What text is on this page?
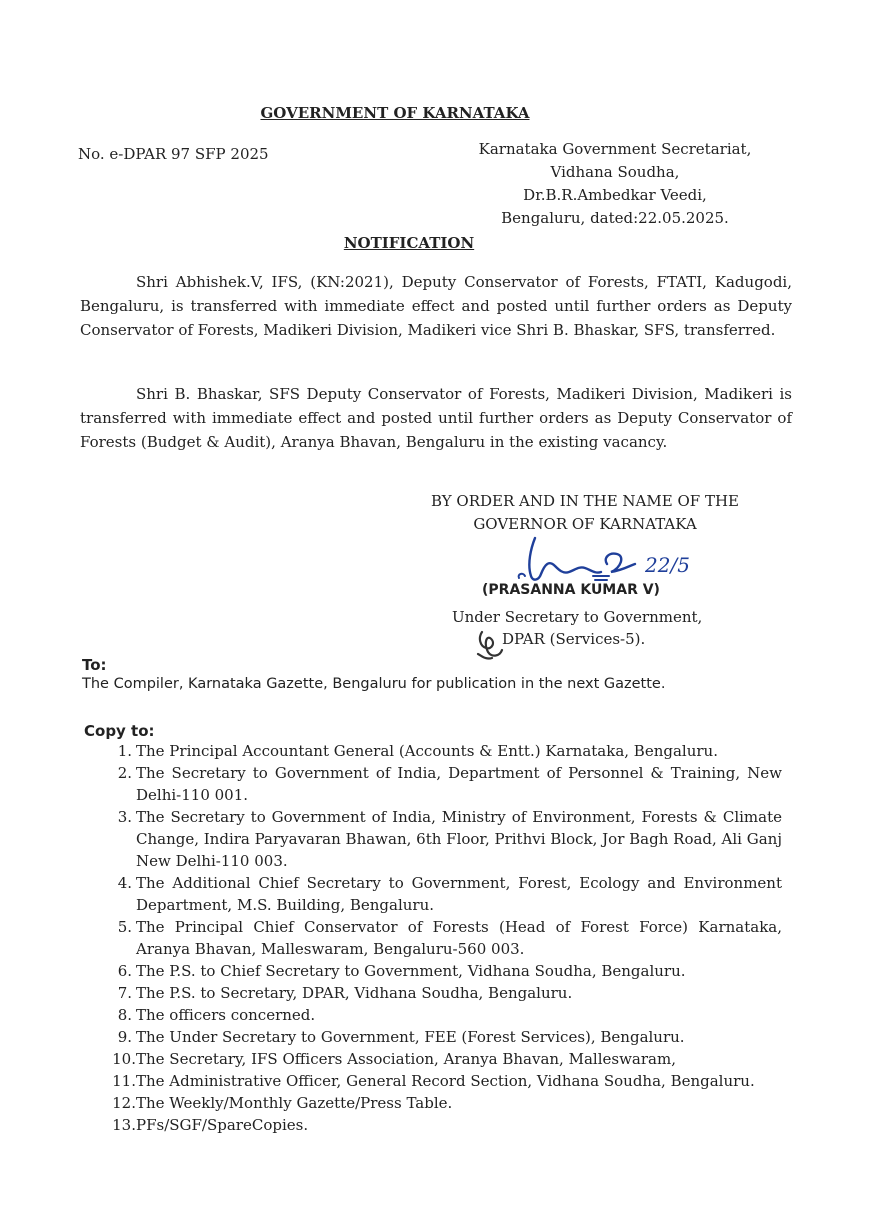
GOVERNMENT OF KARNATAKA
No. e-DPAR 97 SFP 2025	Karnataka Government Secretariat,
Vidhana Soudha,
Dr.B.R.Ambedkar Veedi,
Bengaluru, dated:22.05.2025.
NOTIFICATION
Shri Abhishek.V, IFS, (KN:2021), Deputy Conservator of Forests, FTATI, Kadugodi, Bengaluru, is transferred with immediate effect and posted until further orders as Deputy Conservator of Forests, Madikeri Division, Madikeri vice Shri B. Bhaskar, SFS, transferred.
Shri B. Bhaskar, SFS Deputy Conservator of Forests, Madikeri Division, Madikeri is transferred with immediate effect and posted until further orders as Deputy Conservator of Forests (Budget & Audit), Aranya Bhavan, Bengaluru in the existing vacancy.
BY ORDER AND IN THE NAME OF THE
GOVERNOR OF KARNATAKA
22/5
(PRASANNA KUMAR V)
Under Secretary to Government,
DPAR (Services-5).
To:
The Compiler, Karnataka Gazette, Bengaluru for publication in the next Gazette.
Copy to:
1. The Principal Accountant General (Accounts & Entt.) Karnataka, Bengaluru.
2. The Secretary to Government of India, Department of Personnel & Training, New Delhi-110 001.
3. The Secretary to Government of India, Ministry of Environment, Forests & Climate Change, Indira Paryavaran Bhawan, 6th Floor, Prithvi Block, Jor Bagh Road, Ali Ganj New Delhi-110 003.
4. The Additional Chief Secretary to Government, Forest, Ecology and Environment Department, M.S. Building, Bengaluru.
5. The Principal Chief Conservator of Forests (Head of Forest Force) Karnataka, Aranya Bhavan, Malleswaram, Bengaluru-560 003.
6. The P.S. to Chief Secretary to Government, Vidhana Soudha, Bengaluru.
7. The P.S. to Secretary, DPAR, Vidhana Soudha, Bengaluru.
8. The officers concerned.
9. The Under Secretary to Government, FEE (Forest Services), Bengaluru.
10. The Secretary, IFS Officers Association, Aranya Bhavan, Malleswaram,
11. The Administrative Officer, General Record Section, Vidhana Soudha, Bengaluru.
12. The Weekly/Monthly Gazette/Press Table.
13. PFs/SGF/SpareCopies.
